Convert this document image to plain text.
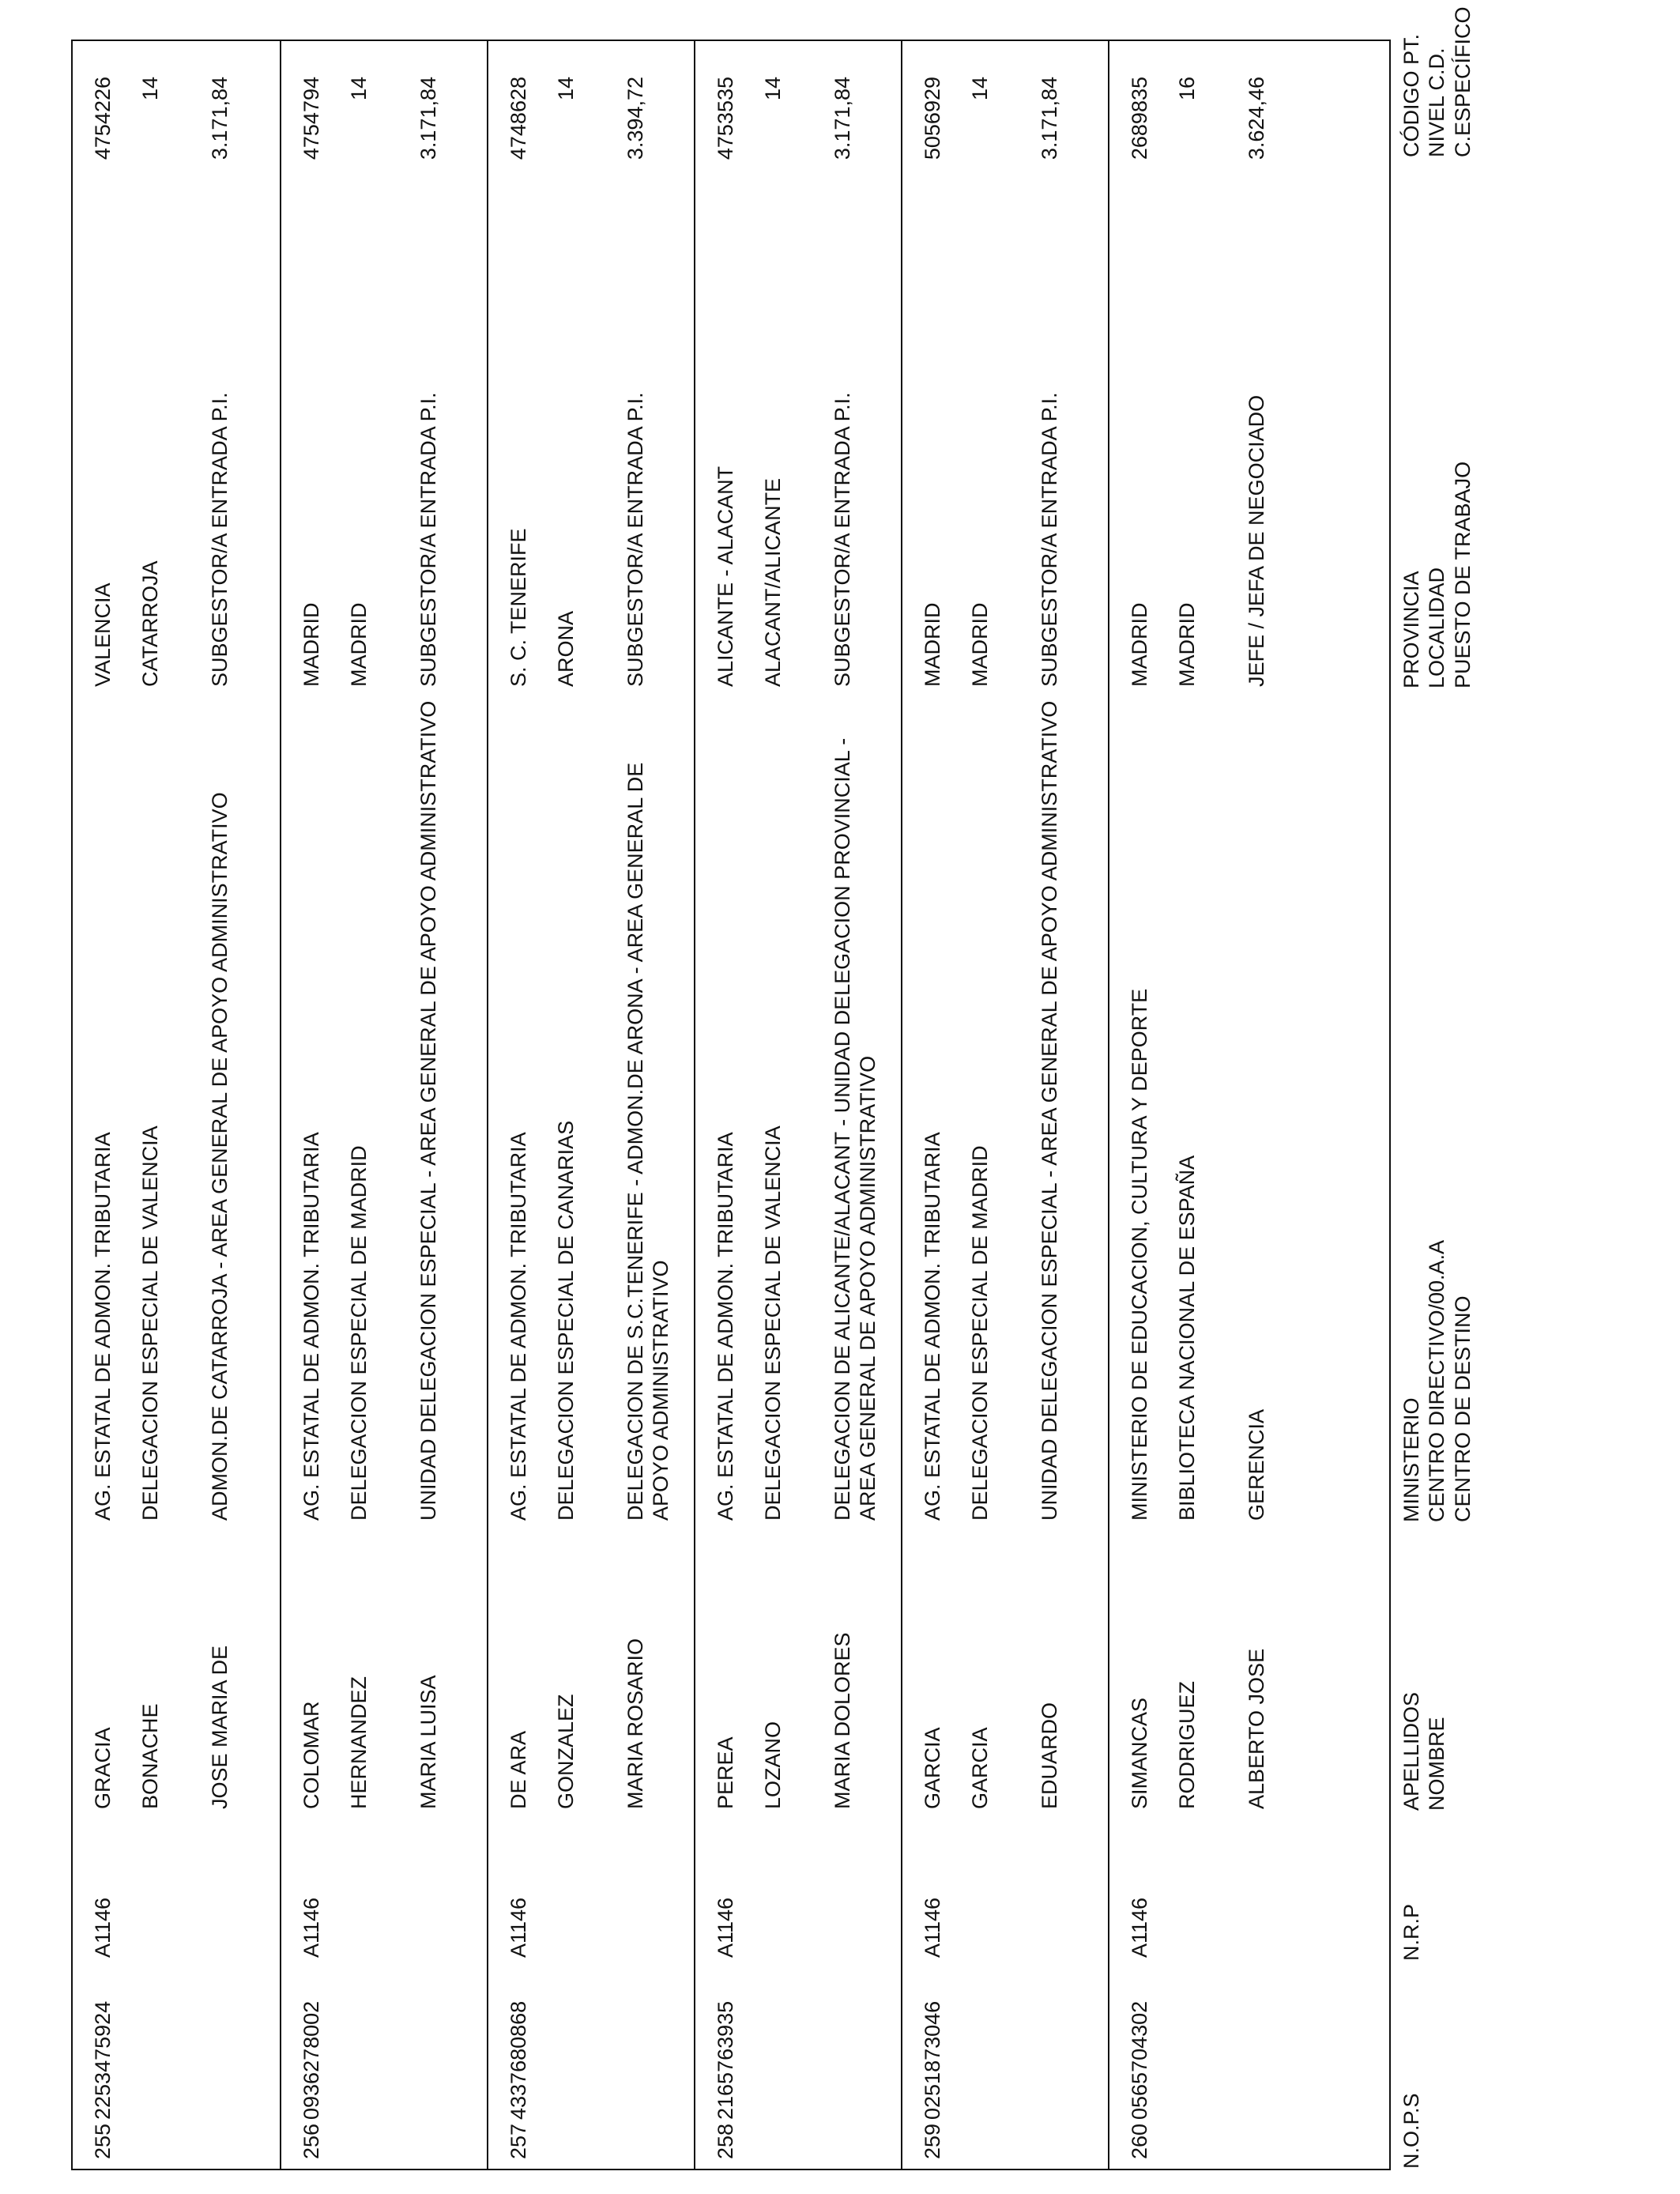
N.O.P.S
N.R.P
APELLIDOS NOMBRE
MINISTERIO CENTRO DIRECTIVO/00.A.A CENTRO DE DESTINO
PROVINCIA LOCALIDAD PUESTO DE TRABAJO
CÓDIGO PT. NIVEL C.D. C.ESPECÍFICO
255
2253475924
A1146
GRACIA BONACHE JOSE MARIA DE
AG. ESTATAL DE ADMON. TRIBUTARIA DELEGACION ESPECIAL DE VALENCIA ADMON.DE CATARROJA - AREA GENERAL DE APOYO ADMINISTRATIVO
VALENCIA CATARROJA SUBGESTOR/A ENTRADA P.I.
4754226 14 3.171,84
256
0936278002
A1146
COLOMAR HERNANDEZ MARIA LUISA
AG. ESTATAL DE ADMON. TRIBUTARIA DELEGACION ESPECIAL DE MADRID UNIDAD DELEGACION ESPECIAL - AREA GENERAL DE APOYO ADMINISTRATIVO
MADRID MADRID SUBGESTOR/A ENTRADA P.I.
4754794 14 3.171,84
257
4337680868
A1146
DE ARA GONZALEZ MARIA ROSARIO
AG. ESTATAL DE ADMON. TRIBUTARIA DELEGACION ESPECIAL DE CANARIAS DELEGACION DE S.C.TENERIFE - ADMON.DE ARONA - AREA GENERAL DE APOYO ADMINISTRATIVO
S. C. TENERIFE ARONA SUBGESTOR/A ENTRADA P.I.
4748628 14 3.394,72
258
2165763935
A1146
PEREA LOZANO MARIA DOLORES
AG. ESTATAL DE ADMON. TRIBUTARIA DELEGACION ESPECIAL DE VALENCIA DELEGACION DE ALICANTE/ALACANT - UNIDAD DELEGACION PROVINCIAL - AREA GENERAL DE APOYO ADMINISTRATIVO
ALICANTE - ALACANT ALACANT/ALICANTE SUBGESTOR/A ENTRADA P.I.
4753535 14 3.171,84
259
0251873046
A1146
GARCIA GARCIA EDUARDO
AG. ESTATAL DE ADMON. TRIBUTARIA DELEGACION ESPECIAL DE MADRID UNIDAD DELEGACION ESPECIAL - AREA GENERAL DE APOYO ADMINISTRATIVO
MADRID MADRID SUBGESTOR/A ENTRADA P.I.
5056929 14 3.171,84
260
0565704302
A1146
SIMANCAS RODRIGUEZ ALBERTO JOSE
MINISTERIO DE EDUCACION, CULTURA Y DEPORTE BIBLIOTECA NACIONAL DE ESPAÑA GERENCIA
MADRID MADRID JEFE / JEFA DE NEGOCIADO
2689835 16 3.624,46
